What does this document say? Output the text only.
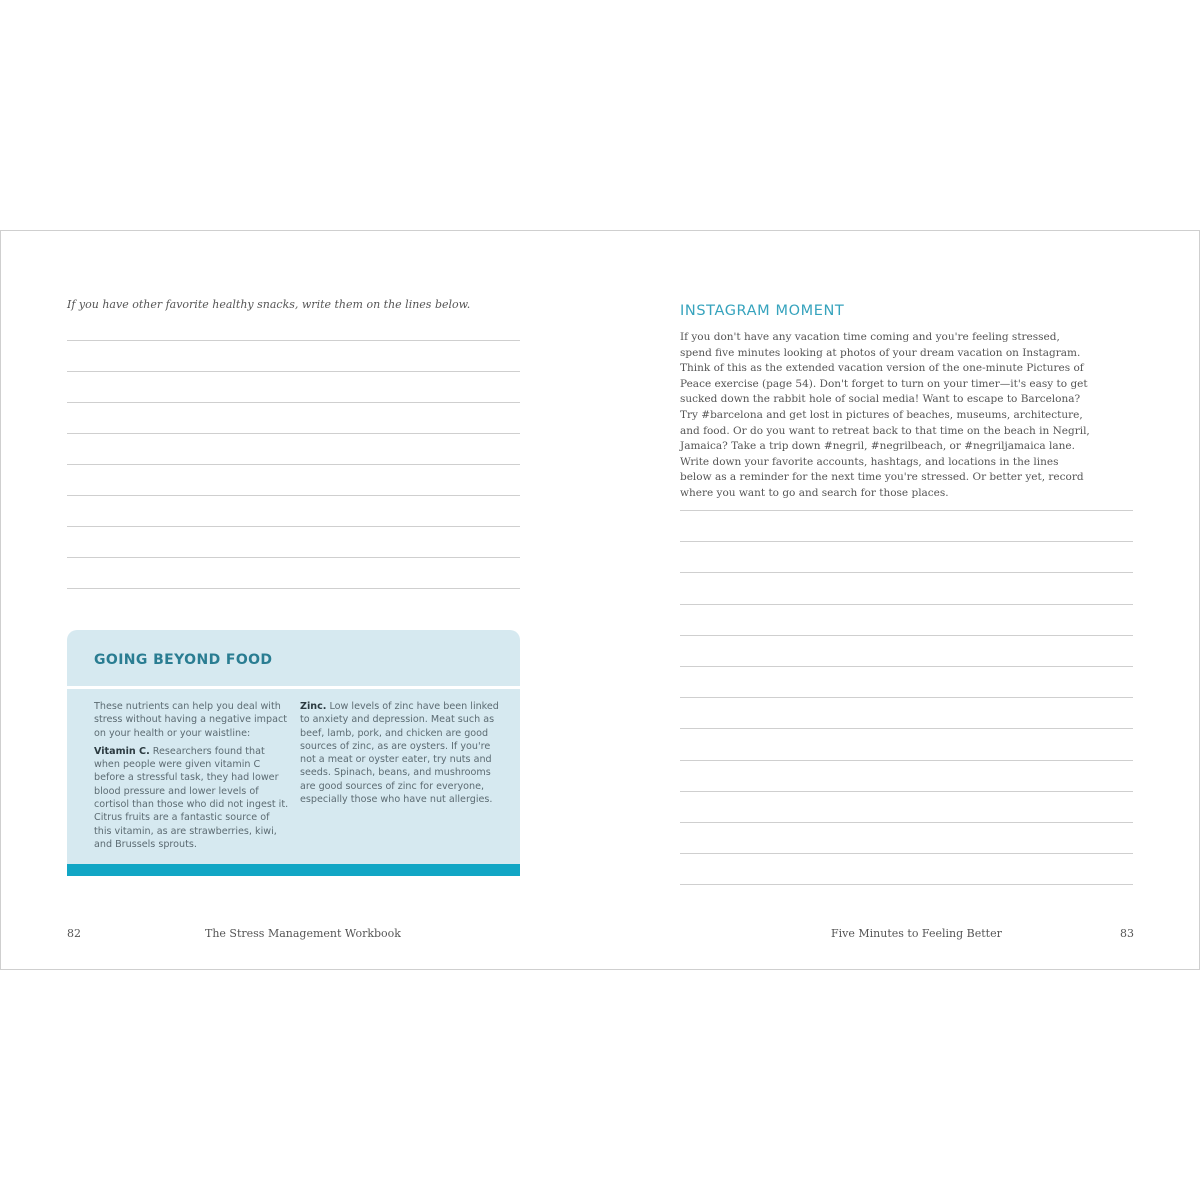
If you have other favorite healthy snacks, write them on the lines below.
GOING BEYOND FOOD

These nutrients can help you deal with stress without having a negative impact on your health or your waistline:

Vitamin C. Researchers found that when people were given vitamin C before a stressful task, they had lower blood pressure and lower levels of cortisol than those who did not ingest it. Citrus fruits are a fantastic source of this vitamin, as are strawberries, kiwi, and Brussels sprouts.

Zinc. Low levels of zinc have been linked to anxiety and depression. Meat such as beef, lamb, pork, and chicken are good sources of zinc, as are oysters. If you're not a meat or oyster eater, try nuts and seeds. Spinach, beans, and mushrooms are good sources of zinc for everyone, especially those who have nut allergies.

82	The Stress Management Workbook
INSTAGRAM MOMENT
If you don't have any vacation time coming and you're feeling stressed, spend five minutes looking at photos of your dream vacation on Instagram. Think of this as the extended vacation version of the one-minute Pictures of Peace exercise (page 54). Don't forget to turn on your timer—it's easy to get sucked down the rabbit hole of social media! Want to escape to Barcelona? Try #barcelona and get lost in pictures of beaches, museums, architecture, and food. Or do you want to retreat back to that time on the beach in Negril, Jamaica? Take a trip down #negril, #negrilbeach, or #negriljamaica lane. Write down your favorite accounts, hashtags, and locations in the lines below as a reminder for the next time you're stressed. Or better yet, record where you want to go and search for those places.
Five Minutes to Feeling Better	83
